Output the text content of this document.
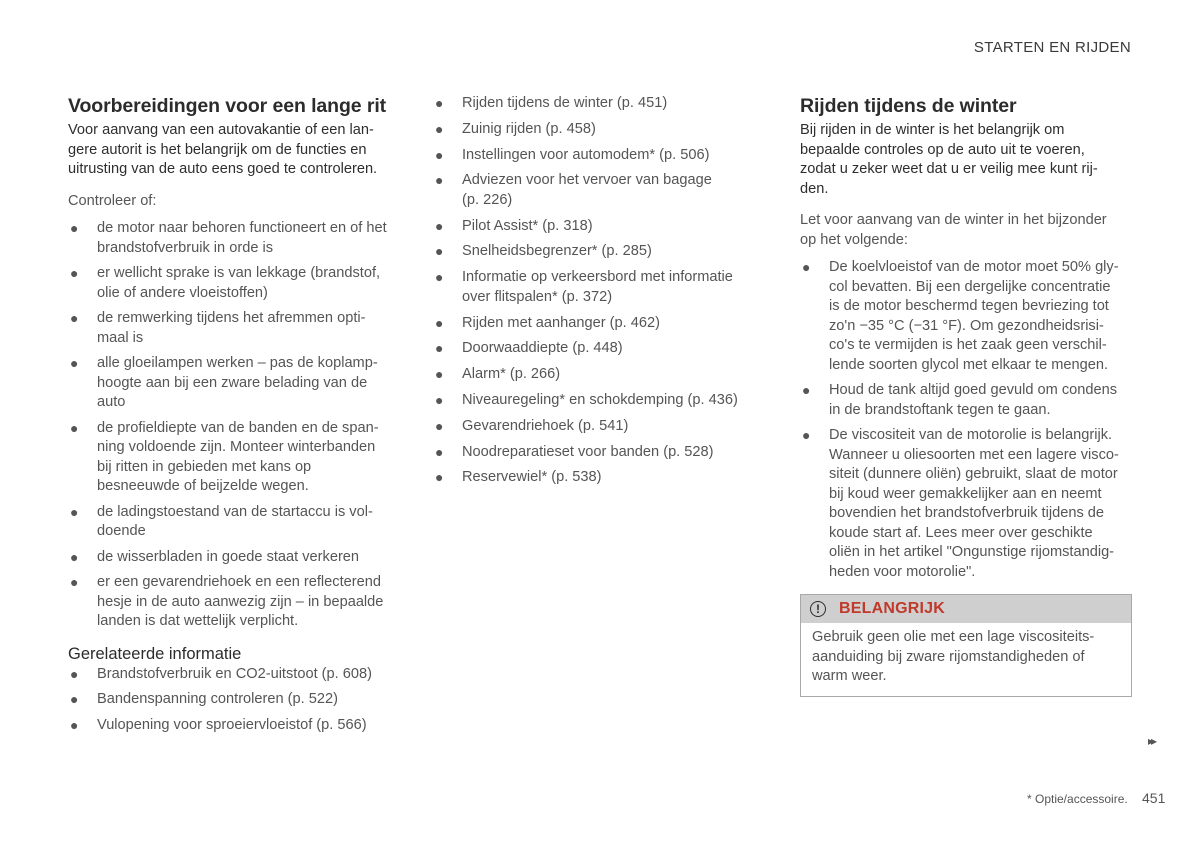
STARTEN EN RIJDEN
Voorbereidingen voor een lange rit

Voor aanvang van een autovakantie of een lan-
gere autorit is het belangrijk om de functies en
uitrusting van de auto eens goed te controleren.

Controleer of:

● de motor naar behoren functioneert en of het
brandstofverbruik in orde is
● er wellicht sprake is van lekkage (brandstof,
olie of andere vloeistoffen)
● de remwerking tijdens het afremmen opti-
maal is
● alle gloeilampen werken – pas de koplamp-
hoogte aan bij een zware belading van de
auto
● de profieldiepte van de banden en de span-
ning voldoende zijn. Monteer winterbanden
bij ritten in gebieden met kans op
besneeuwde of beijzelde wegen.
● de ladingstoestand van de startaccu is vol-
doende
● de wisserbladen in goede staat verkeren
● er een gevarendriehoek en een reflecterend
hesje in de auto aanwezig zijn – in bepaalde
landen is dat wettelijk verplicht.
Gerelateerde informatie
● Brandstofverbruik en CO2-uitstoot (p. 608)
● Bandenspanning controleren (p. 522)
● Vulopening voor sproeiervloeistof (p. 566)
● Rijden tijdens de winter (p. 451)
● Zuinig rijden (p. 458)
● Instellingen voor automodem* (p. 506)
● Adviezen voor het vervoer van bagage
(p. 226)
● Pilot Assist* (p. 318)
● Snelheidsbegrenzer* (p. 285)
● Informatie op verkeersbord met informatie
over flitspalen* (p. 372)
● Rijden met aanhanger (p. 462)
● Doorwaaddiepte (p. 448)
● Alarm* (p. 266)
● Niveauregeling* en schokdemping (p. 436)
● Gevarendriehoek (p. 541)
● Noodreparatieset voor banden (p. 528)
● Reservewiel* (p. 538)
Rijden tijdens de winter

Bij rijden in de winter is het belangrijk om
bepaalde controles op de auto uit te voeren,
zodat u zeker weet dat u er veilig mee kunt rij-
den.

Let voor aanvang van de winter in het bijzonder
op het volgende:

● De koelvloeistof van de motor moet 50% gly-
col bevatten. Bij een dergelijke concentratie
is de motor beschermd tegen bevriezing tot
zo'n −35 °C (−31 °F). Om gezondheidsrisi-
co's te vermijden is het zaak geen verschil-
lende soorten glycol met elkaar te mengen.
● Houd de tank altijd goed gevuld om condens
in de brandstoftank tegen te gaan.
● De viscositeit van de motorolie is belangrijk.
Wanneer u oliesoorten met een lagere visco-
siteit (dunnere oliën) gebruikt, slaat de motor
bij koud weer gemakkelijker aan en neemt
bovendien het brandstofverbruik tijdens de
koude start af. Lees meer over geschikte
oliën in het artikel "Ongunstige rijomstandig-
heden voor motorolie".
!	BELANGRIJK
Gebruik geen olie met een lage viscositeits-
aanduiding bij zware rijomstandigheden of
warm weer.
▸▸
* Optie/accessoire. 451
